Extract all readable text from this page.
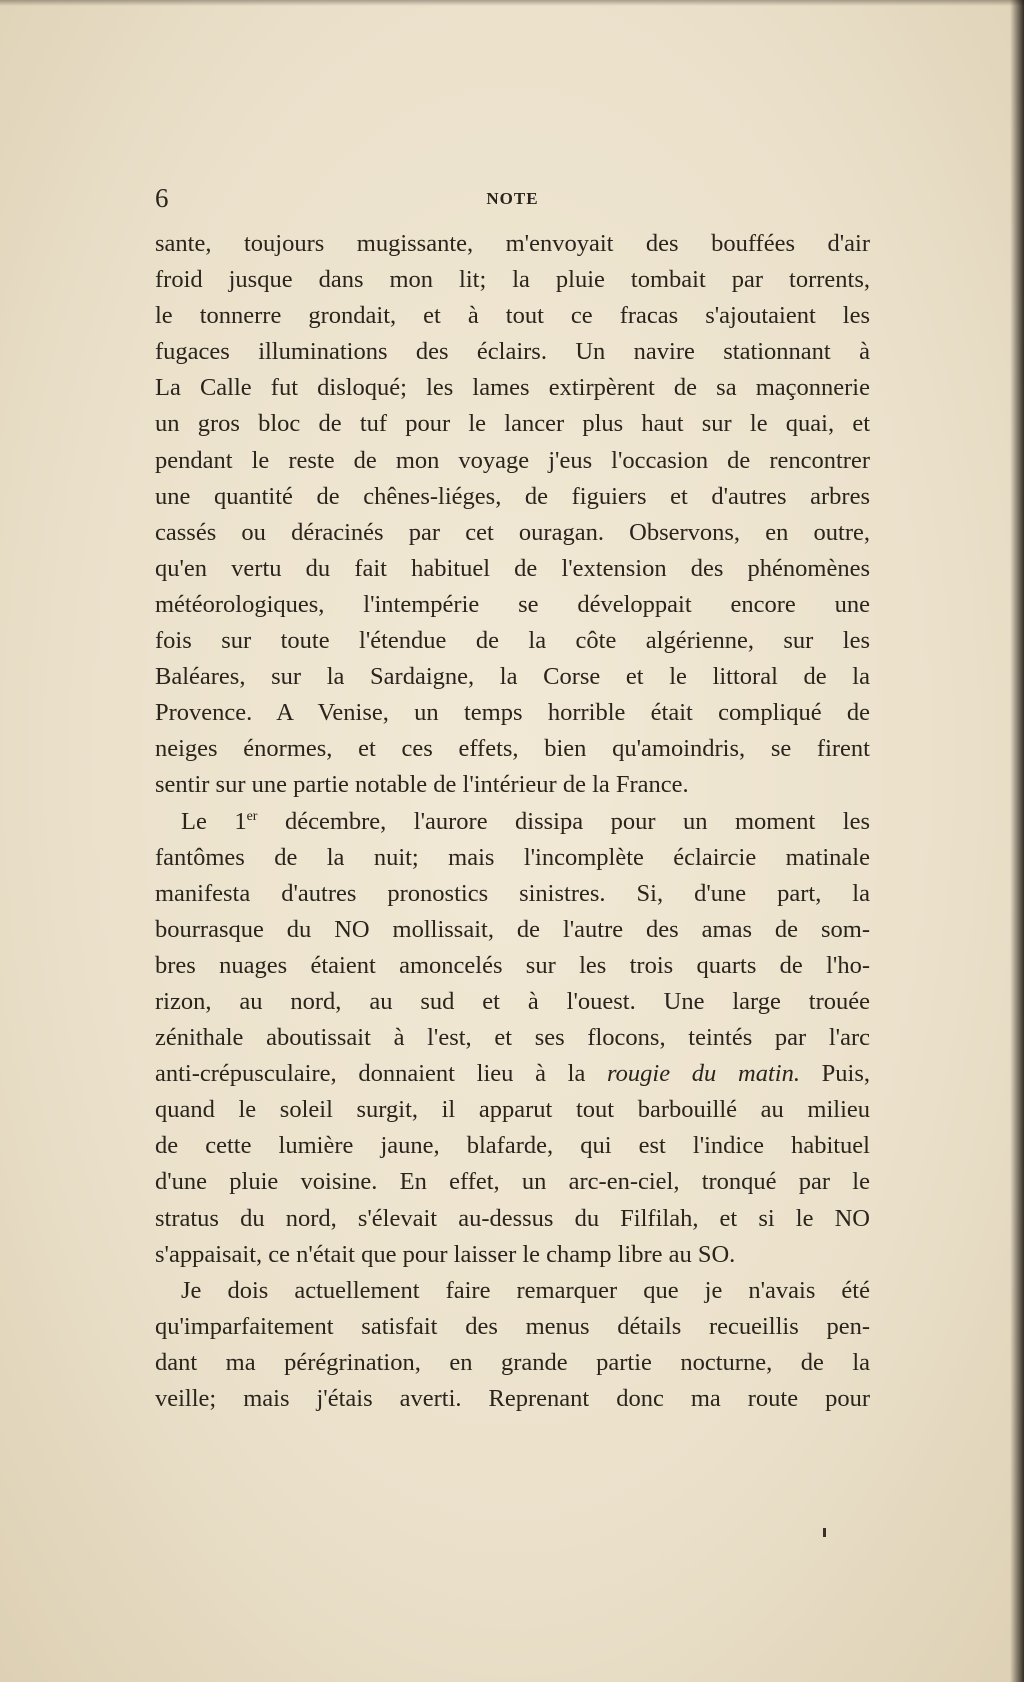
6	NOTE
sante, toujours mugissante, m'envoyait des bouffées d'air
froid jusque dans mon lit; la pluie tombait par torrents,
le tonnerre grondait, et à tout ce fracas s'ajoutaient les
fugaces illuminations des éclairs. Un navire stationnant à
La Calle fut disloqué; les lames extirpèrent de sa maçonnerie
un gros bloc de tuf pour le lancer plus haut sur le quai, et
pendant le reste de mon voyage j'eus l'occasion de rencontrer
une quantité de chênes-liéges, de figuiers et d'autres arbres
cassés ou déracinés par cet ouragan. Observons, en outre,
qu'en vertu du fait habituel de l'extension des phénomènes
météorologiques, l'intempérie se développait encore une
fois sur toute l'étendue de la côte algérienne, sur les
Baléares, sur la Sardaigne, la Corse et le littoral de la
Provence. A Venise, un temps horrible était compliqué de
neiges énormes, et ces effets, bien qu'amoindris, se firent
sentir sur une partie notable de l'intérieur de la France.
Le 1er décembre, l'aurore dissipa pour un moment les
fantômes de la nuit; mais l'incomplète éclaircie matinale
manifesta d'autres pronostics sinistres. Si, d'une part, la
bourrasque du NO mollissait, de l'autre des amas de som-
bres nuages étaient amoncelés sur les trois quarts de l'ho-
rizon, au nord, au sud et à l'ouest. Une large trouée
zénithale aboutissait à l'est, et ses flocons, teintés par l'arc
anti-crépusculaire, donnaient lieu à la rougie du matin. Puis,
quand le soleil surgit, il apparut tout barbouillé au milieu
de cette lumière jaune, blafarde, qui est l'indice habituel
d'une pluie voisine. En effet, un arc-en-ciel, tronqué par le
stratus du nord, s'élevait au-dessus du Filfilah, et si le NO
s'appaisait, ce n'était que pour laisser le champ libre au SO.
Je dois actuellement faire remarquer que je n'avais été
qu'imparfaitement satisfait des menus détails recueillis pen-
dant ma pérégrination, en grande partie nocturne, de la
veille; mais j'étais averti. Reprenant donc ma route pour
